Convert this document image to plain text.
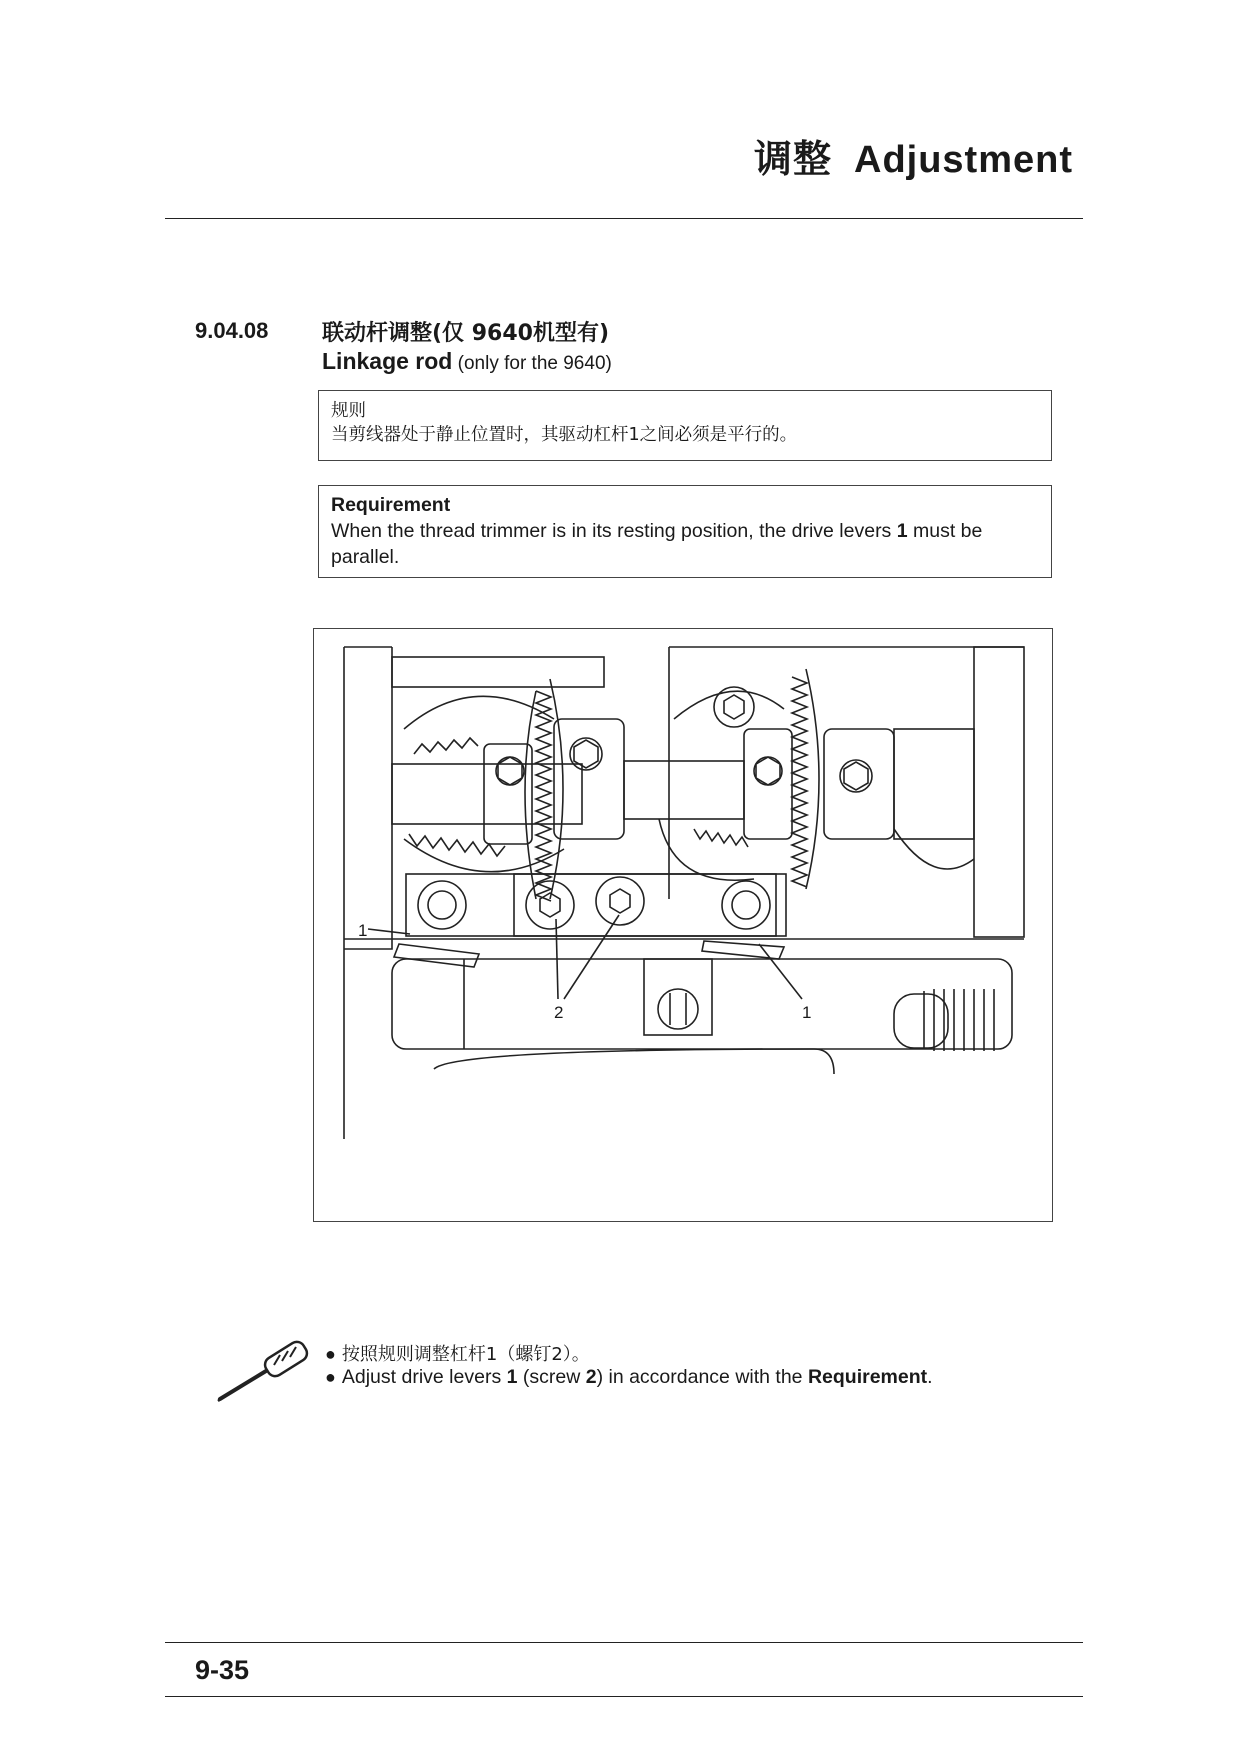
调整 Adjustment
9.04.08 联动杆调整(仅 9640机型有)
Linkage rod (only for the 9640)
规则
当剪线器处于静止位置时，其驱动杠杆1之间必须是平行的。
Requirement
When the thread trimmer is in its resting position, the drive levers 1 must be parallel.
1
2	1
● 按照规则调整杠杆1（螺钉2）。
● Adjust drive levers 1 (screw 2) in accordance with the Requirement.
9-35
